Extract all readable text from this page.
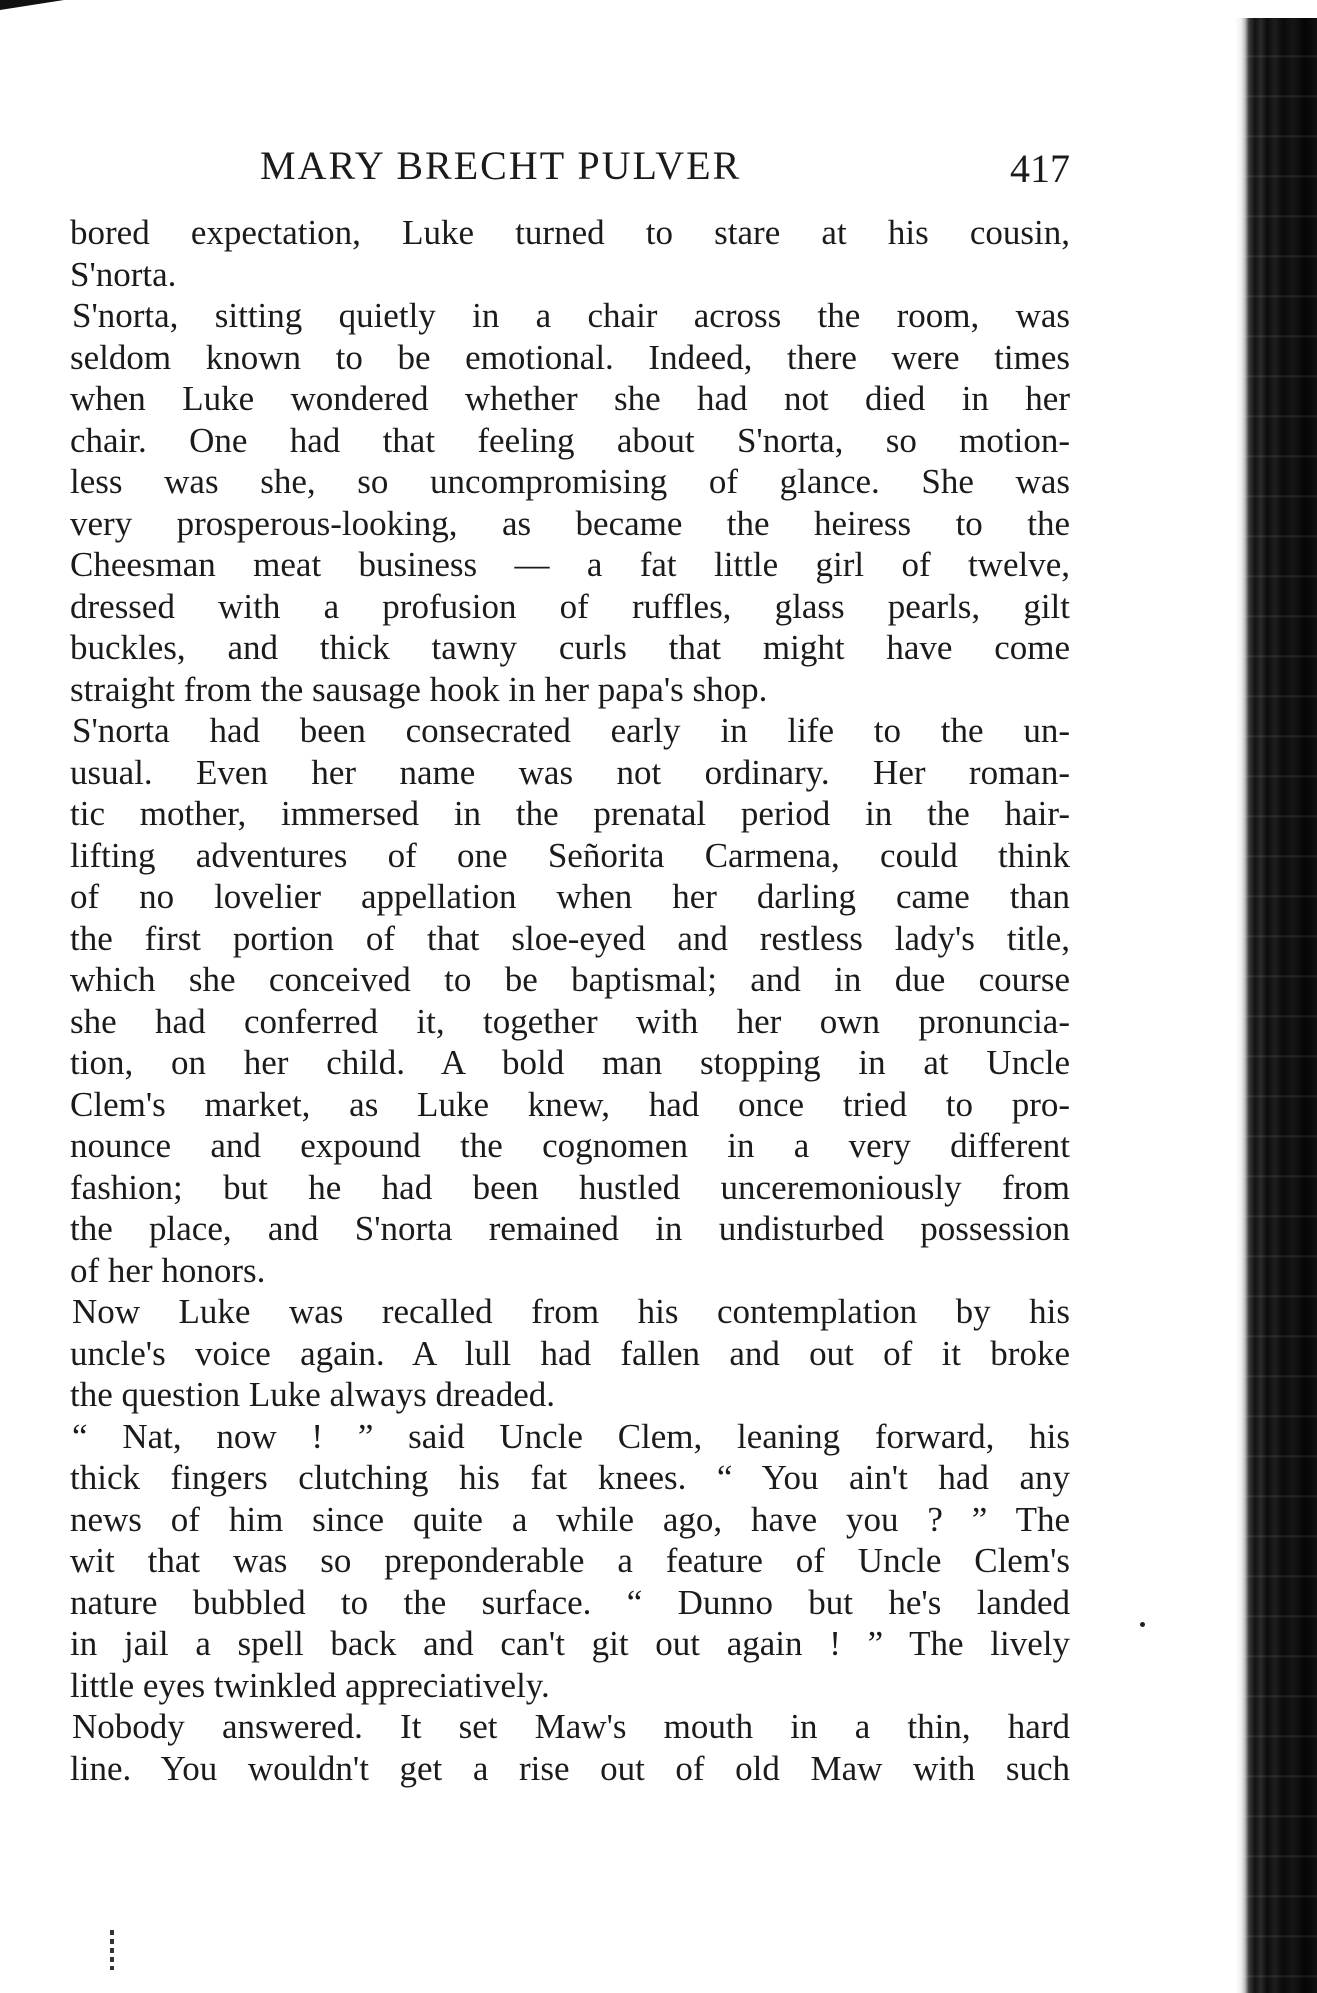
MARY BRECHT PULVER	417
bored expectation, Luke turned to stare at his cousin,
S'norta.
S'norta, sitting quietly in a chair across the room, was
seldom known to be emotional. Indeed, there were times
when Luke wondered whether she had not died in her
chair. One had that feeling about S'norta, so motion-
less was she, so uncompromising of glance. She was
very prosperous-looking, as became the heiress to the
Cheesman meat business — a fat little girl of twelve,
dressed with a profusion of ruffles, glass pearls, gilt
buckles, and thick tawny curls that might have come
straight from the sausage hook in her papa's shop.
S'norta had been consecrated early in life to the un-
usual. Even her name was not ordinary. Her roman-
tic mother, immersed in the prenatal period in the hair-
lifting adventures of one Señorita Carmena, could think
of no lovelier appellation when her darling came than
the first portion of that sloe-eyed and restless lady's title,
which she conceived to be baptismal; and in due course
she had conferred it, together with her own pronuncia-
tion, on her child. A bold man stopping in at Uncle
Clem's market, as Luke knew, had once tried to pro-
nounce and expound the cognomen in a very different
fashion; but he had been hustled unceremoniously from
the place, and S'norta remained in undisturbed possession
of her honors.
Now Luke was recalled from his contemplation by his
uncle's voice again. A lull had fallen and out of it broke
the question Luke always dreaded.
“ Nat, now ! ” said Uncle Clem, leaning forward, his
thick fingers clutching his fat knees. “ You ain't had any
news of him since quite a while ago, have you ? ” The
wit that was so preponderable a feature of Uncle Clem's
nature bubbled to the surface. “ Dunno but he's landed
in jail a spell back and can't git out again ! ” The lively
little eyes twinkled appreciatively.
Nobody answered. It set Maw's mouth in a thin, hard
line. You wouldn't get a rise out of old Maw with such
